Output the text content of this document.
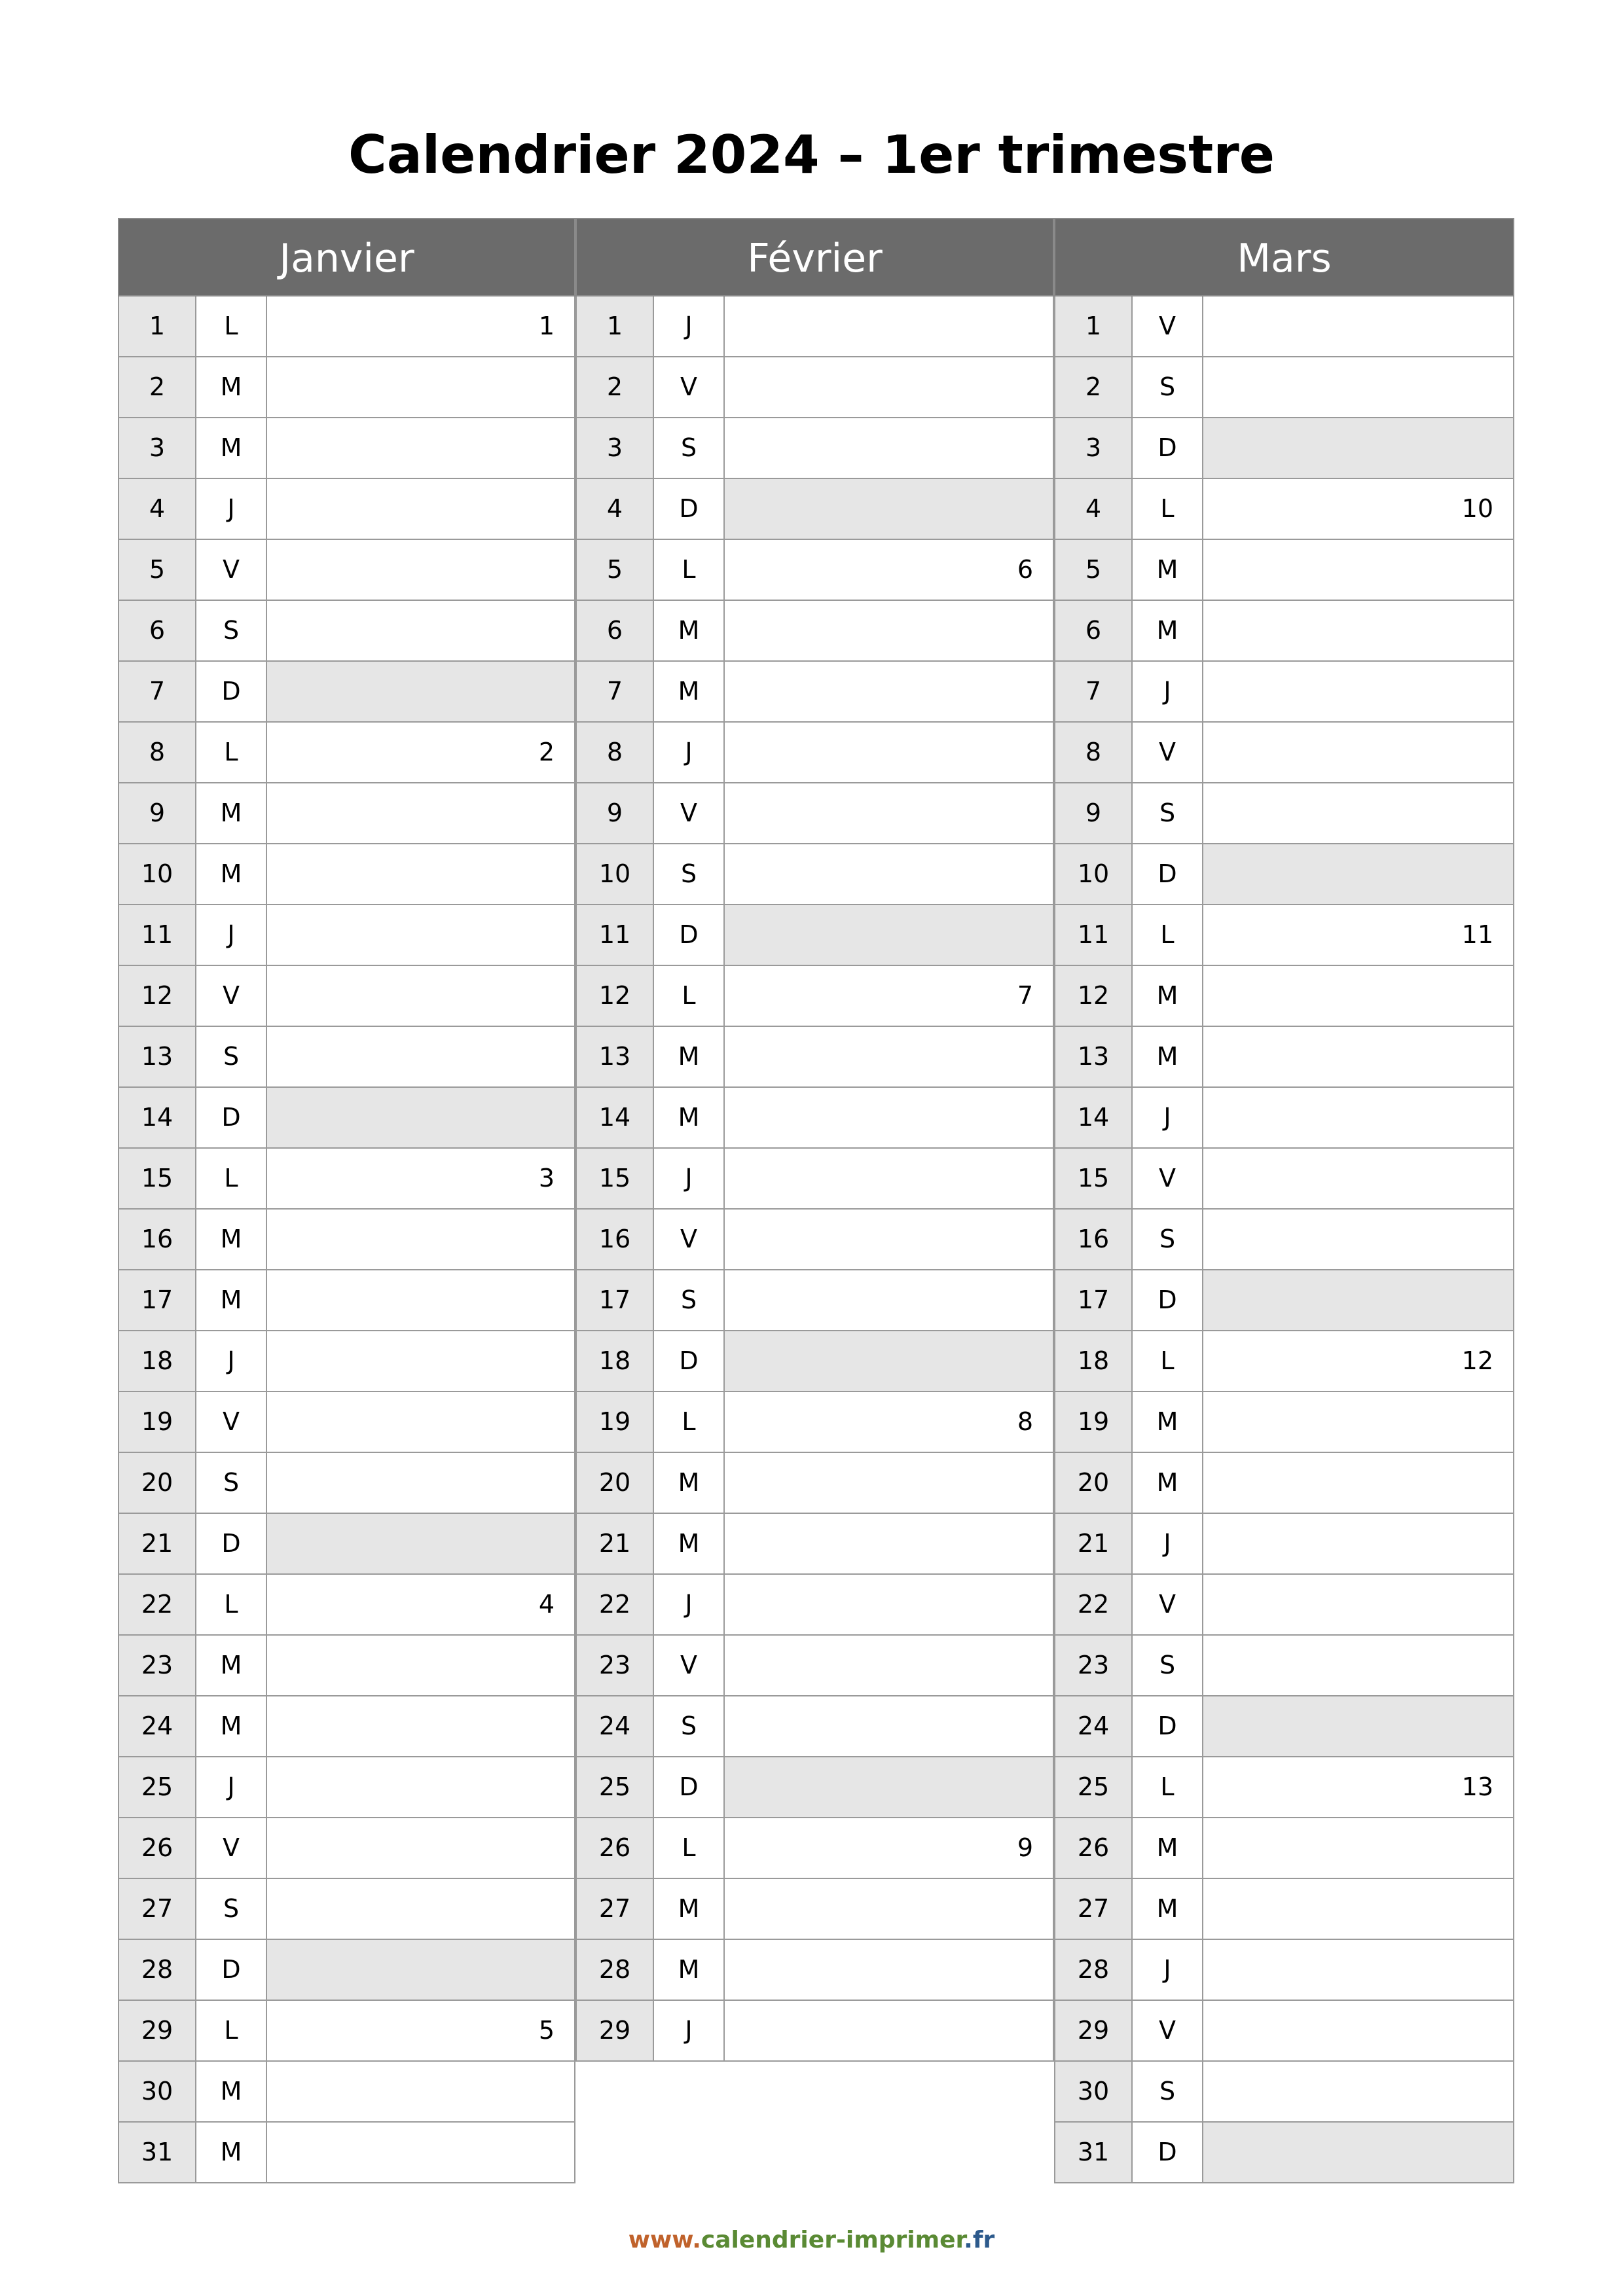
Calendrier 2024 – 1er trimestre
Janvier
1	L	1
2	M
3	M
4	J
5	V
6	S
7	D
8	L	2
9	M
10	M
11	J
12	V
13	S
14	D
15	L	3
16	M
17	M
18	J
19	V
20	S
21	D
22	L	4
23	M
24	M
25	J
26	V
27	S
28	D
29	L	5
30	M
31	M
Février
1	J
2	V
3	S
4	D
5	L	6
6	M
7	M
8	J
9	V
10	S
11	D
12	L	7
13	M
14	M
15	J
16	V
17	S
18	D
19	L	8
20	M
21	M
22	J
23	V
24	S
25	D
26	L	9
27	M
28	M
29	J
Mars
1	V
2	S
3	D
4	L	10
5	M
6	M
7	J
8	V
9	S
10	D
11	L	11
12	M
13	M
14	J
15	V
16	S
17	D
18	L	12
19	M
20	M
21	J
22	V
23	S
24	D
25	L	13
26	M
27	M
28	J
29	V
30	S
31	D
www.calendrier-imprimer.fr
